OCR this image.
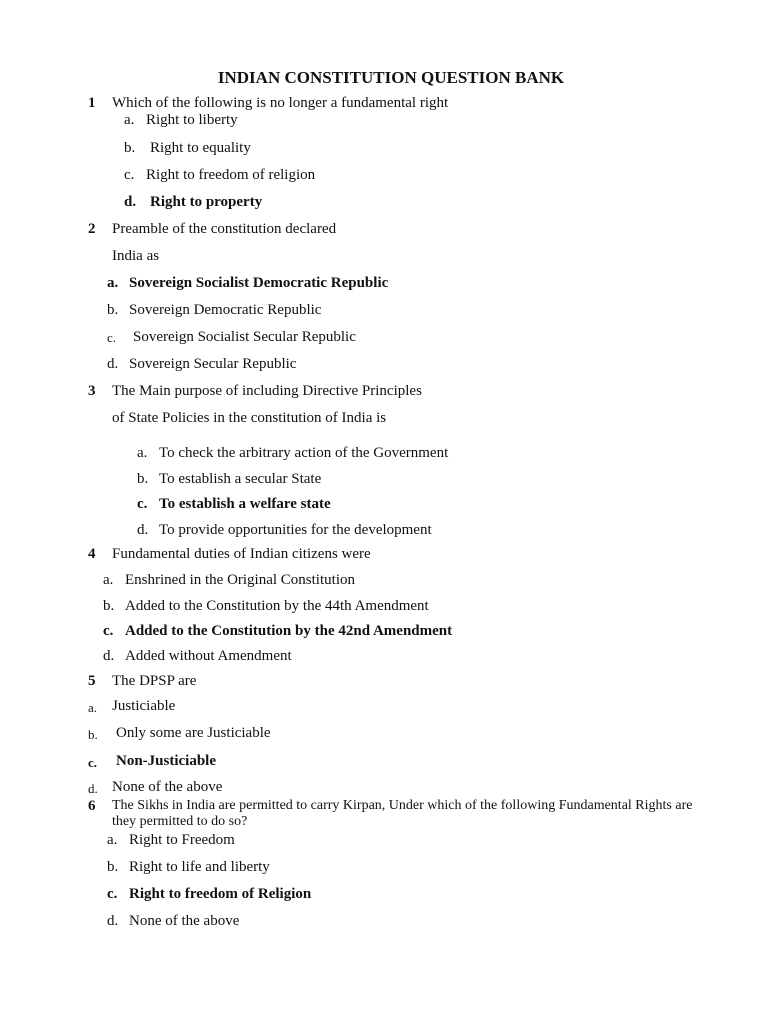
INDIAN CONSTITUTION QUESTION BANK
1 Which of the following is no longer a fundamental right
a. Right to liberty
b. Right to equality
c. Right to freedom of religion
d. Right to property
2 Preamble of the constitution declared
India as
a. Sovereign Socialist Democratic Republic
b. Sovereign Democratic Republic
c. Sovereign Socialist Secular Republic
d. Sovereign Secular Republic
3 The Main purpose of including Directive Principles
of State Policies in the constitution of India is
a. To check the arbitrary action of the Government
b. To establish a secular State
c. To establish a welfare state
d. To provide opportunities for the development
4 Fundamental duties of Indian citizens were
a. Enshrined in the Original Constitution
b. Added to the Constitution by the 44th Amendment
c. Added to the Constitution by the 42nd Amendment
d. Added without Amendment
5 The DPSP are
a. Justiciable
b. Only some are Justiciable
c. Non-Justiciable
d. None of the above
6 The Sikhs in India are permitted to carry Kirpan, Under which of the following Fundamental Rights are
they permitted to do so?
a. Right to Freedom
b. Right to life and liberty
c. Right to freedom of Religion
d. None of the above
